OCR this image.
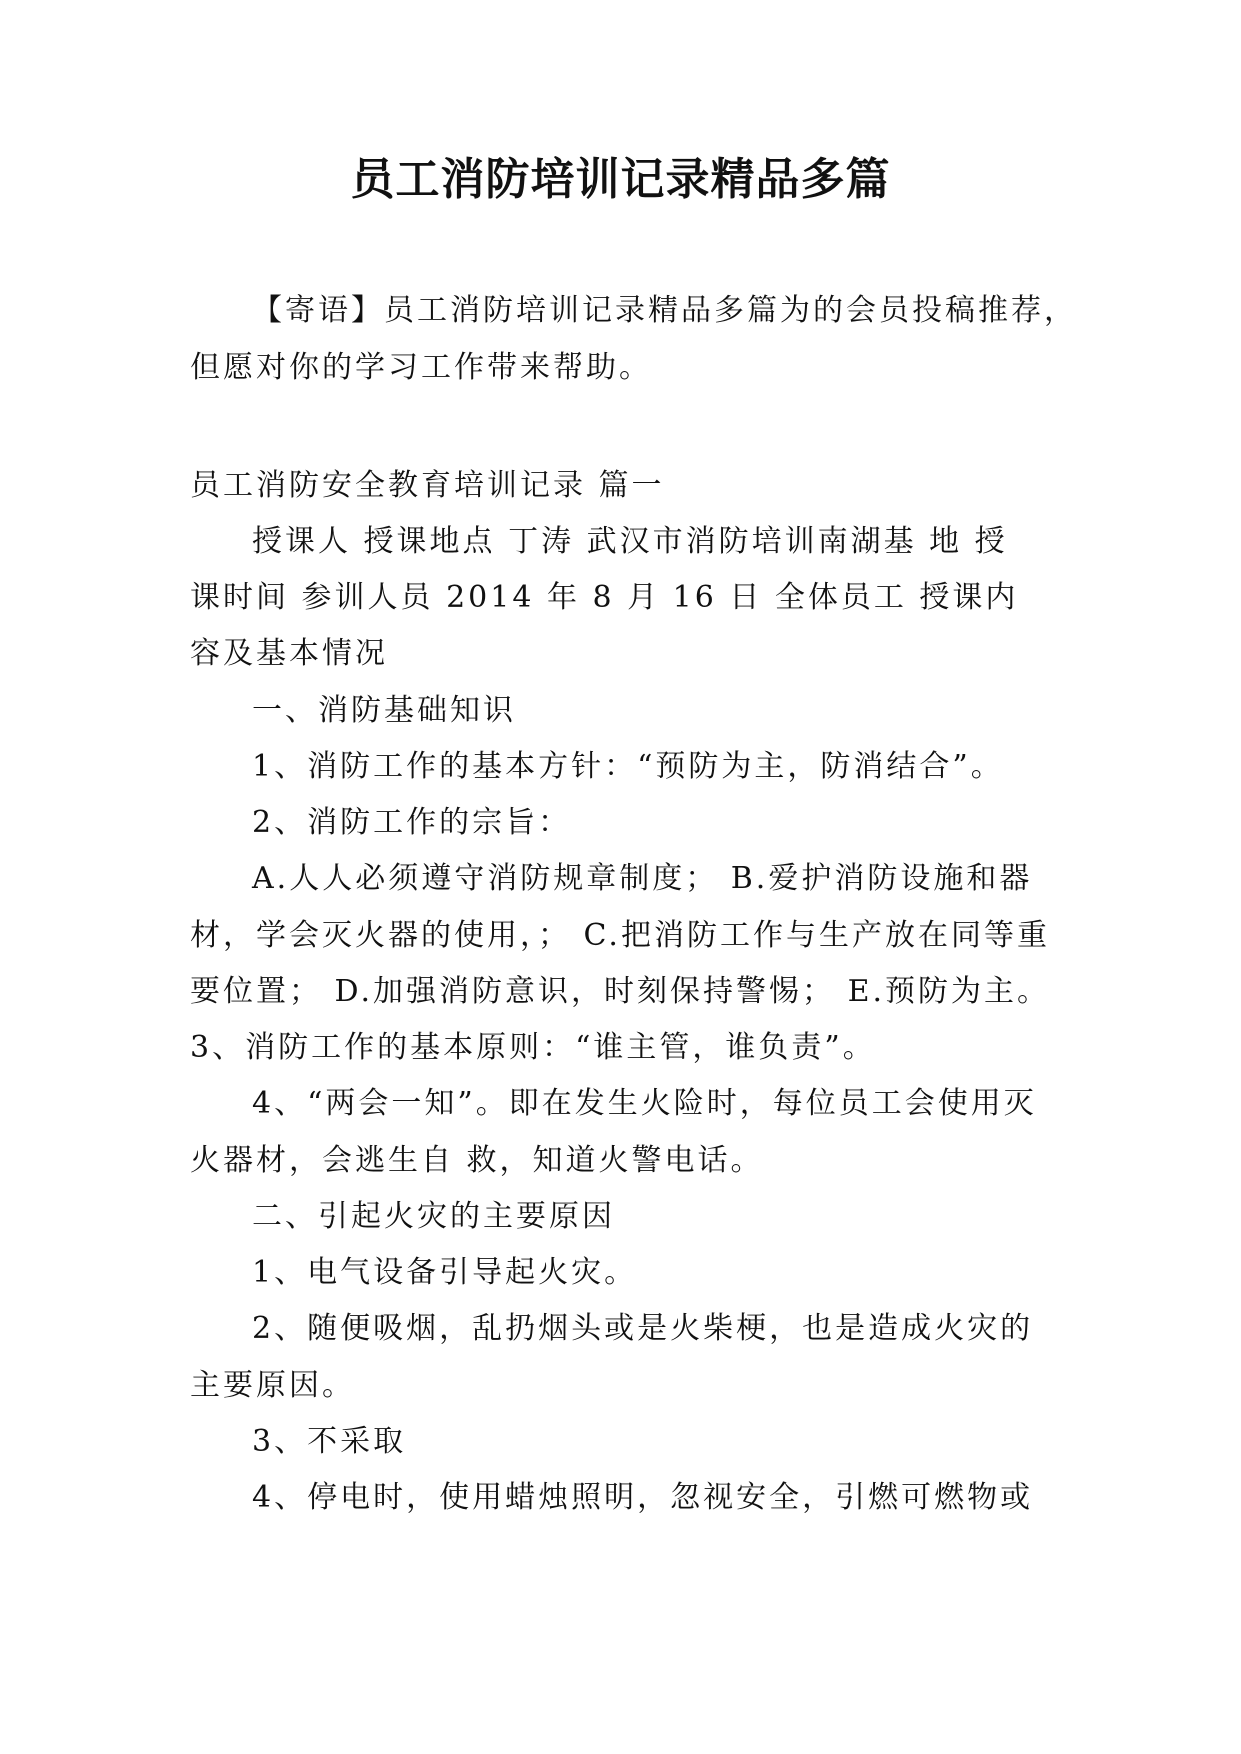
员工消防培训记录精品多篇
【寄语】员工消防培训记录精品多篇为的会员投稿推荐，
但愿对你的学习工作带来帮助。
员工消防安全教育培训记录 篇一
授课人 授课地点 丁涛 武汉市消防培训南湖基 地 授
课时间 参训人员 2014 年 8 月 16 日 全体员工 授课内
容及基本情况
一、消防基础知识
1、消防工作的基本方针：“预防为主，防消结合”。
2、消防工作的宗旨：
A.人人必须遵守消防规章制度； B.爱护消防设施和器
材，学会灭火器的使用，； C.把消防工作与生产放在同等重
要位置； D.加强消防意识，时刻保持警惕； E.预防为主。
3、消防工作的基本原则：“谁主管，谁负责”。
4、“两会一知”。即在发生火险时，每位员工会使用灭
火器材，会逃生自 救，知道火警电话。
二、引起火灾的主要原因
1、电气设备引导起火灾。
2、随便吸烟，乱扔烟头或是火柴梗，也是造成火灾的
主要原因。
3、不采取
4、停电时，使用蜡烛照明，忽视安全，引燃可燃物或
